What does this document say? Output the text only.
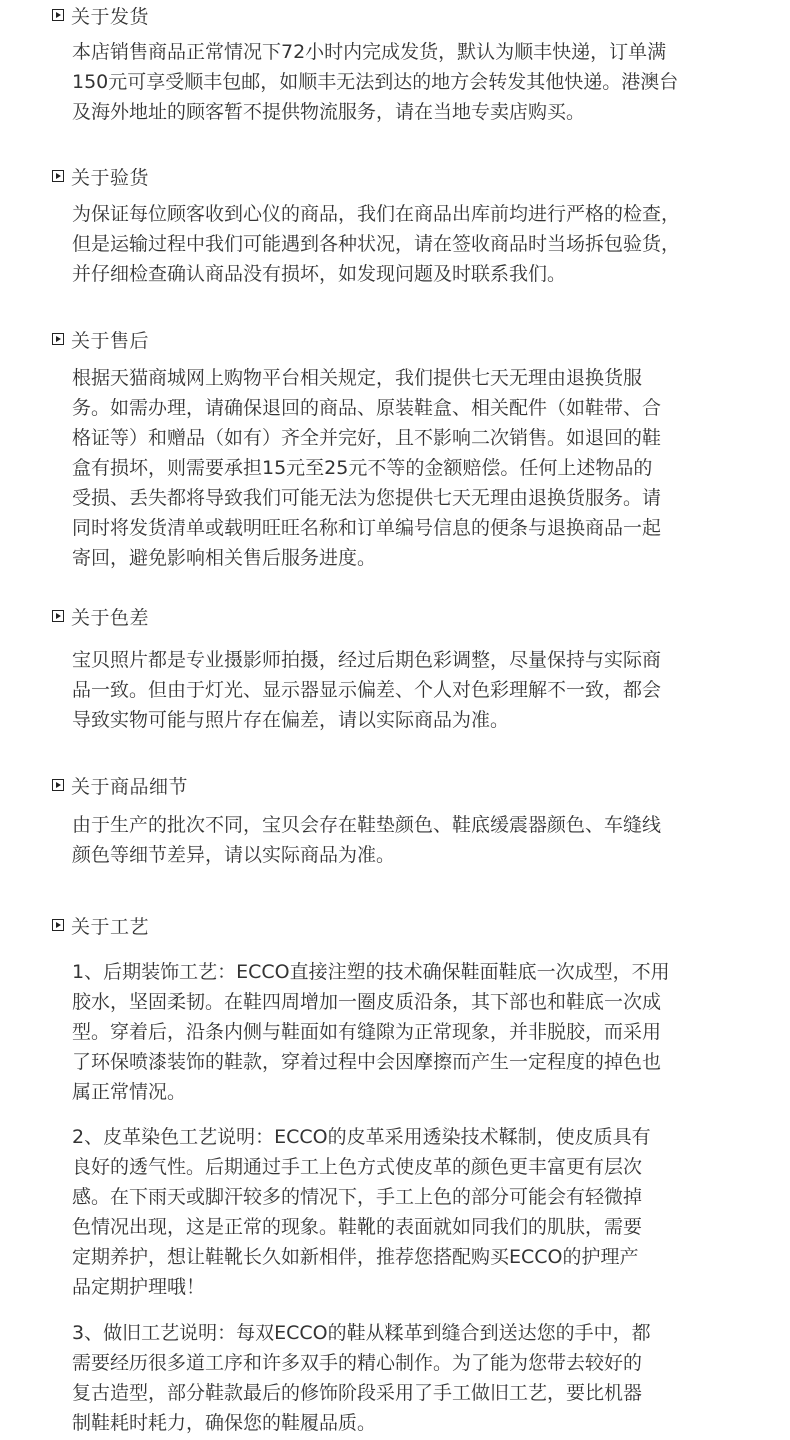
关于发货

本店销售商品正常情况下72小时内完成发货，默认为顺丰快递，订单满
150元可享受顺丰包邮，如顺丰无法到达的地方会转发其他快递。港澳台
及海外地址的顾客暂不提供物流服务，请在当地专卖店购买。

关于验货

为保证每位顾客收到心仪的商品，我们在商品出库前均进行严格的检查，
但是运输过程中我们可能遇到各种状况，请在签收商品时当场拆包验货，
并仔细检查确认商品没有损坏，如发现问题及时联系我们。

关于售后

根据天猫商城网上购物平台相关规定，我们提供七天无理由退换货服
务。如需办理，请确保退回的商品、原装鞋盒、相关配件（如鞋带、合
格证等）和赠品（如有）齐全并完好，且不影响二次销售。如退回的鞋
盒有损坏，则需要承担15元至25元不等的金额赔偿。任何上述物品的
受损、丢失都将导致我们可能无法为您提供七天无理由退换货服务。请
同时将发货清单或载明旺旺名称和订单编号信息的便条与退换商品一起
寄回，避免影响相关售后服务进度。

关于色差

宝贝照片都是专业摄影师拍摄，经过后期色彩调整，尽量保持与实际商
品一致。但由于灯光、显示器显示偏差、个人对色彩理解不一致，都会
导致实物可能与照片存在偏差，请以实际商品为准。

关于商品细节

由于生产的批次不同，宝贝会存在鞋垫颜色、鞋底缓震器颜色、车缝线
颜色等细节差异，请以实际商品为准。

关于工艺

1、后期装饰工艺：ECCO直接注塑的技术确保鞋面鞋底一次成型，不用
胶水，坚固柔韧。在鞋四周增加一圈皮质沿条，其下部也和鞋底一次成
型。穿着后，沿条内侧与鞋面如有缝隙为正常现象，并非脱胶，而采用
了环保喷漆装饰的鞋款，穿着过程中会因摩擦而产生一定程度的掉色也
属正常情况。

2、皮革染色工艺说明：ECCO的皮革采用透染技术鞣制，使皮质具有
良好的透气性。后期通过手工上色方式使皮革的颜色更丰富更有层次
感。在下雨天或脚汗较多的情况下，手工上色的部分可能会有轻微掉
色情况出现，这是正常的现象。鞋靴的表面就如同我们的肌肤，需要
定期养护，想让鞋靴长久如新相伴，推荐您搭配购买ECCO的护理产
品定期护理哦！

3、做旧工艺说明：每双ECCO的鞋从糅革到缝合到送达您的手中，都
需要经历很多道工序和许多双手的精心制作。为了能为您带去较好的
复古造型，部分鞋款最后的修饰阶段采用了手工做旧工艺，要比机器
制鞋耗时耗力，确保您的鞋履品质。
